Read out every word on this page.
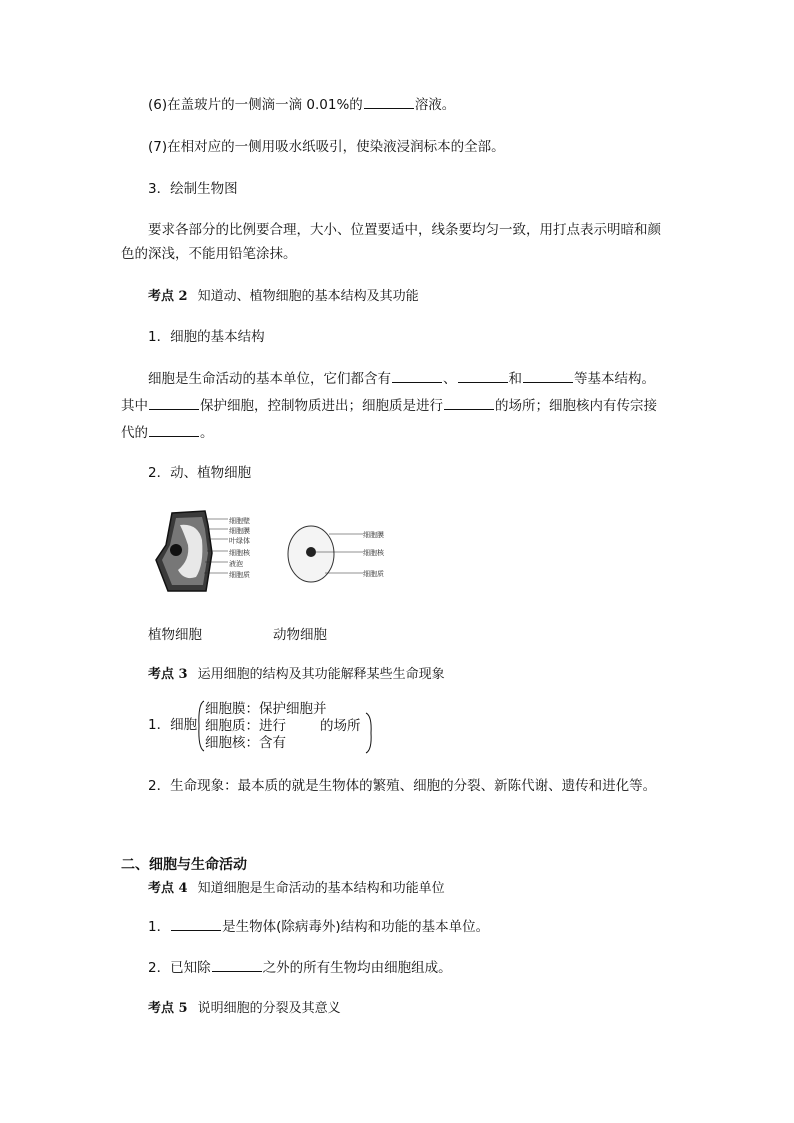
(6)在盖玻片的一侧滴一滴 0.01%的	溶液。
(7)在相对应的一侧用吸水纸吸引，使染液浸润标本的全部。
3．绘制生物图
要求各部分的比例要合理，大小、位置要适中，线条要均匀一致，用打点表示明暗和颜
色的深浅，不能用铅笔涂抹。
考点 2 知道动、植物细胞的基本结构及其功能
1．细胞的基本结构
细胞是生命活动的基本单位，它们都含有	、	和	等基本结构。
其中	保护细胞，控制物质进出；细胞质是进行	的场所；细胞核内有传宗接
代的	。
2．动、植物细胞
细胞壁
细胞膜
叶绿体
细胞核
液泡
细胞质
细胞膜
细胞核
细胞质
植物细胞	动物细胞
考点 3 运用细胞的结构及其功能解释某些生命现象
1．细胞
细胞膜：保护细胞并
细胞质：进行	的场所
细胞核：含有
2．生命现象：最本质的就是生物体的繁殖、细胞的分裂、新陈代谢、遗传和进化等。
二、细胞与生命活动
考点 4 知道细胞是生命活动的基本结构和功能单位
1．	是生物体(除病毒外)结构和功能的基本单位。
2．已知除	之外的所有生物均由细胞组成。
考点 5 说明细胞的分裂及其意义
